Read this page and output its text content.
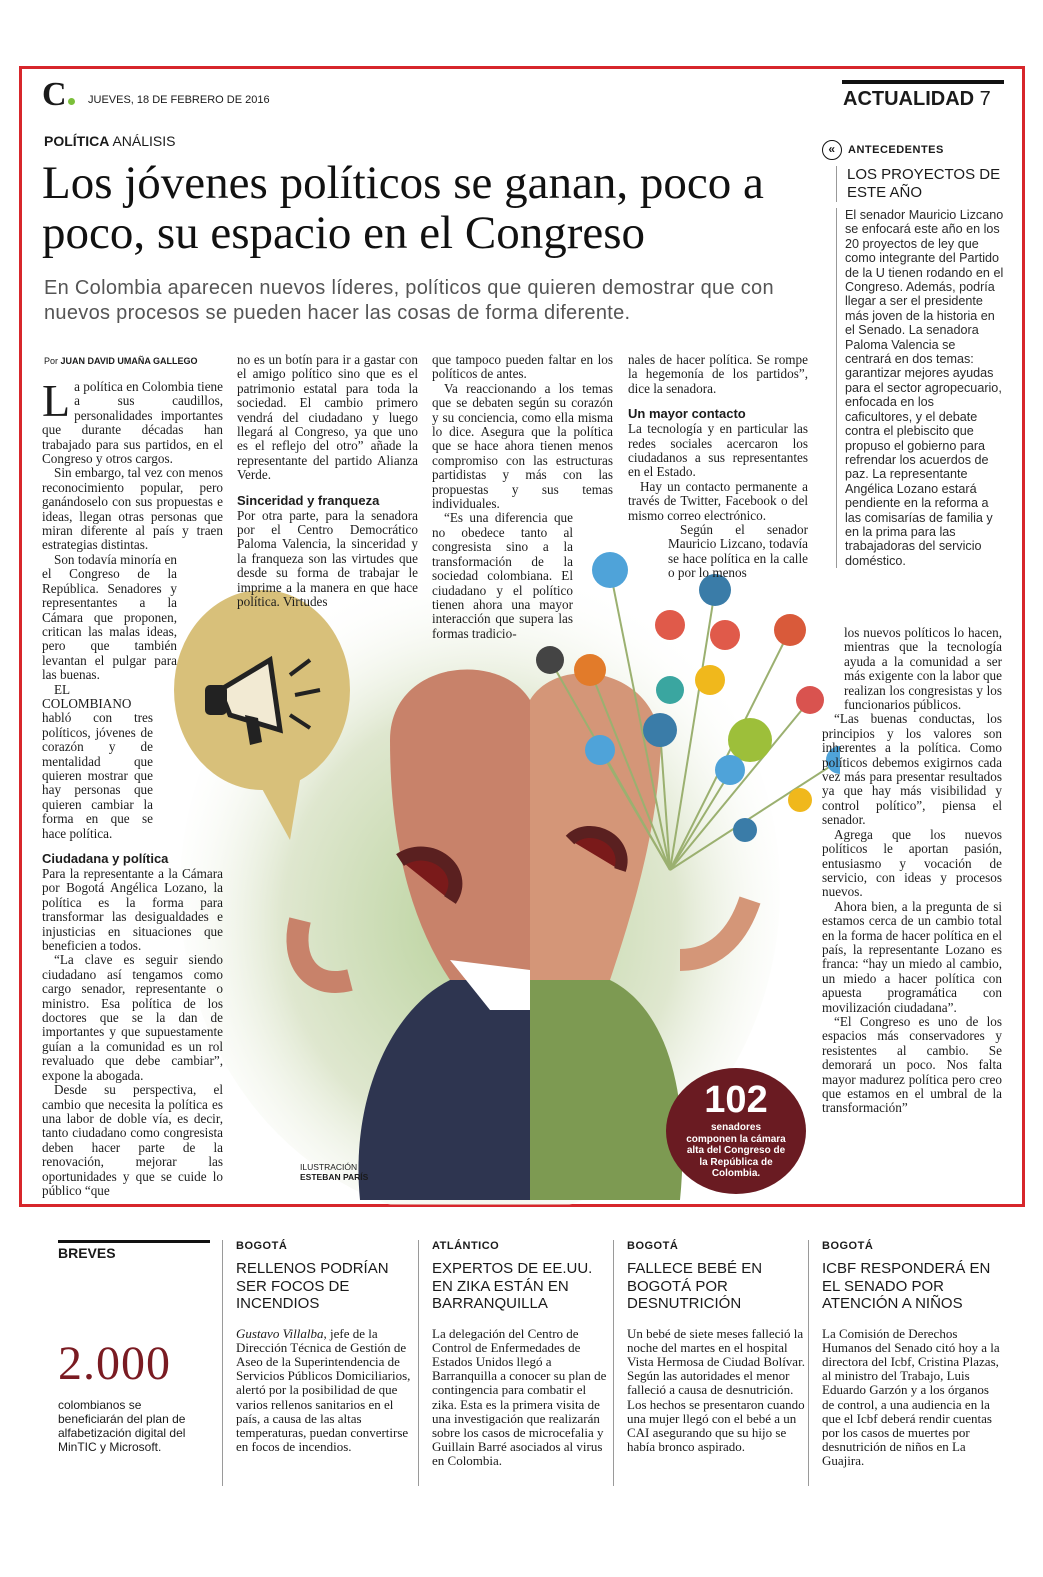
C	JUEVES, 18 DE FEBRERO DE 2016	ACTUALIDAD 7
POLÍTICA ANÁLISIS
Los jóvenes políticos se ganan, poco a poco, su espacio en el Congreso
En Colombia aparecen nuevos líderes, políticos que quieren demostrar que con nuevos procesos se pueden hacer las cosas de forma diferente.
Por JUAN DAVID UMAÑA GALLEGO
ILUSTRACIÓN
ESTEBAN PARÍS

La política en Colombia tiene a sus caudillos, personalidades importantes que durante décadas han trabajado para sus partidos, en el Congreso y otros cargos.

Sin embargo, tal vez con menos reconocimiento popular, pero ganándoselo con sus propuestas e ideas, llegan otras personas que miran diferente al país y traen estrategias distintas.

Son todavía minoría en el Congreso de la República. Senadores y representantes a la Cámara que proponen, critican las malas ideas, pero que también levantan el pulgar para las buenas.

EL COLOMBIANO habló con tres políticos, jóvenes de corazón y de mentalidad que quieren mostrar que hay personas que quieren cambiar la forma en que se hace política.

Ciudadana y política

Para la representante a la Cámara por Bogotá Angélica Lozano, la política es la forma para transformar las desigualdades e injusticias en situaciones que beneficien a todos.

“La clave es seguir siendo ciudadano así tengamos como cargo senador, representante o ministro. Esa política de los doctores que se la dan de importantes y que supuestamente guían a la comunidad es un rol revaluado que debe cambiar”, expone la abogada.

Desde su perspectiva, el cambio que necesita la política es una labor de doble vía, es decir, tanto ciudadano como congresista deben hacer parte de la renovación, mejorar las oportunidades y que se cuide lo público “que

no es un botín para ir a gastar con el amigo político sino que es el patrimonio estatal para toda la sociedad. El cambio primero vendrá del ciudadano y luego llegará al Congreso, ya que uno es el reflejo del otro” añade la representante del partido Alianza Verde.

Sinceridad y franqueza

Por otra parte, para la senadora por el Centro Democrático Paloma Valencia, la sinceridad y la franqueza son las virtudes que desde su forma de trabajar le imprime a la manera en que hace política. Virtudes

que tampoco pueden faltar en los políticos de antes.

Va reaccionando a los temas que se debaten según su corazón y su conciencia, como ella misma lo dice. Asegura que la política que se hace ahora tienen menos compromiso con las estructuras partidistas y más con las propuestas y sus temas individuales.

“Es una diferencia que no obedece tanto al congresista sino a la transformación de la sociedad colombiana. El ciudadano y el político tienen ahora una mayor interacción que supera las formas tradicio-

nales de hacer política. Se rompe la hegemonía de los partidos”, dice la senadora.

Un mayor contacto

La tecnología y en particular las redes sociales acercaron los ciudadanos a sus representantes en el Estado.

Hay un contacto permanente a través de Twitter, Facebook o del mismo correo electrónico.

Según el senador Mauricio Lizcano, todavía se hace política en la calle o por lo menos

los nuevos políticos lo hacen, mientras que la tecnología ayuda a la comunidad a ser más exigente con la labor que realizan los congresistas y los funcionarios públicos.

“Las buenas conductas, los principios y los valores son inherentes a la política. Como políticos debemos exigirnos cada vez más para presentar resultados ya que hay más visibilidad y control político”, piensa el senador.

Agrega que los nuevos políticos le aportan pasión, entusiasmo y vocación de servicio, con ideas y procesos nuevos.

Ahora bien, a la pregunta de si estamos cerca de un cambio total en la forma de hacer política en el país, la representante Lozano es franca: “hay un miedo al cambio, un miedo a hacer política con apuesta programática con movilización ciudadana”.

“El Congreso es uno de los espacios más conservadores y resistentes al cambio. Se demorará un poco. Nos falta mayor madurez política pero creo que estamos en el umbral de la transformación”

« ANTECEDENTES
LOS PROYECTOS DE ESTE AÑO
El senador Mauricio Lizcano se enfocará este año en los 20 proyectos de ley que como integrante del Partido de la U tienen rodando en el Congreso. Además, podría llegar a ser el presidente más joven de la historia en el Senado. La senadora Paloma Valencia se centrará en dos temas: garantizar mejores ayudas para el sector agropecuario, enfocada en los caficultores, y el debate contra el plebiscito que propuso el gobierno para refrendar los acuerdos de paz. La representante Angélica Lozano estará pendiente en la reforma a las comisarías de familia y en la prima para las trabajadoras del servicio doméstico.
102
senadores componen la cámara alta del Congreso de la República de Colombia.
BREVES
2.000
colombianos se beneficiarán del plan de alfabetización digital del MinTIC y Microsoft.
BOGOTÁ
RELLENOS PODRÍAN SER FOCOS DE INCENDIOS
Gustavo Villalba, jefe de la Dirección Técnica de Gestión de Aseo de la Superintendencia de Servicios Públicos Domiciliarios, alertó por la posibilidad de que varios rellenos sanitarios en el país, a causa de las altas temperaturas, puedan convertirse en focos de incendios.
ATLÁNTICO
EXPERTOS DE EE.UU. EN ZIKA ESTÁN EN BARRANQUILLA
La delegación del Centro de Control de Enfermedades de Estados Unidos llegó a Barranquilla a conocer su plan de contingencia para combatir el zika. Esta es la primera visita de una investigación que realizarán sobre los casos de microcefalia y Guillain Barré asociados al virus en Colombia.
BOGOTÁ
FALLECE BEBÉ EN BOGOTÁ POR DESNUTRICIÓN
Un bebé de siete meses falleció la noche del martes en el hospital Vista Hermosa de Ciudad Bolívar. Según las autoridades el menor falleció a causa de desnutrición. Los hechos se presentaron cuando una mujer llegó con el bebé a un CAI asegurando que su hijo se había bronco aspirado.
BOGOTÁ
ICBF RESPONDERÁ EN EL SENADO POR ATENCIÓN A NIÑOS
La Comisión de Derechos Humanos del Senado citó hoy a la directora del Icbf, Cristina Plazas, al ministro del Trabajo, Luis Eduardo Garzón y a los órganos de control, a una audiencia en la que el Icbf deberá rendir cuentas por los casos de muertes por desnutrición de niños en La Guajira.
